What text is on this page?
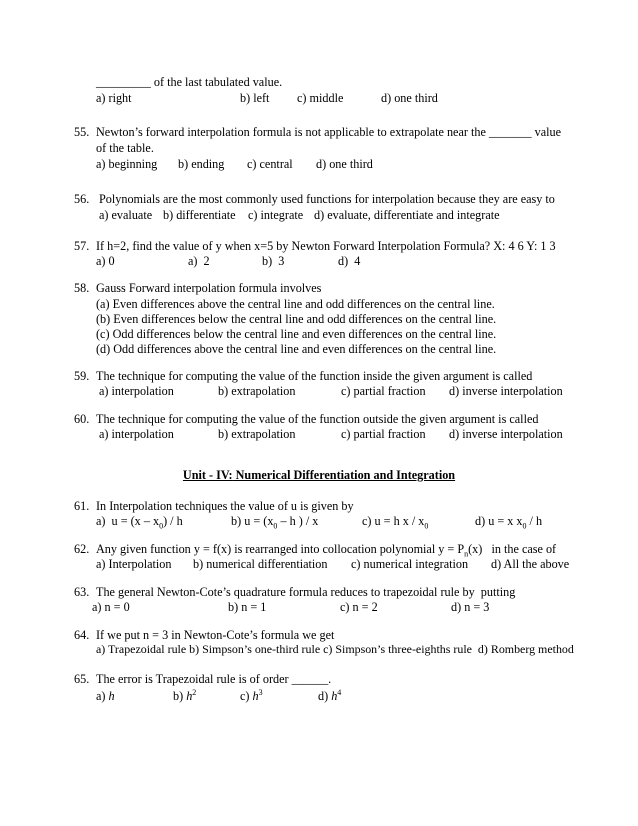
_________ of the last tabulated value.
a) right	b) left c) middle	d) one third
55. Newton’s forward interpolation formula is not applicable to extrapolate near the _______ value
of the table.
a) beginning b) ending c) central d) one third
56. Polynomials are the most commonly used functions for interpolation because they are easy to
a) evaluate b) differentiate c) integrate d) evaluate, differentiate and integrate
57. If h=2, find the value of y when x=5 by Newton Forward Interpolation Formula? X: 4 6 Y: 1 3
a) 0	a)  2	b)  3	d)  4
58. Gauss Forward interpolation formula involves
(a) Even differences above the central line and odd differences on the central line.
(b) Even differences below the central line and odd differences on the central line.
(c) Odd differences below the central line and even differences on the central line.
(d) Odd differences above the central line and even differences on the central line.
59. The technique for computing the value of the function inside the given argument is called
a) interpolation	b) extrapolation	c) partial fraction d) inverse interpolation
60. The technique for computing the value of the function outside the given argument is called
a) interpolation	b) extrapolation	c) partial fraction d) inverse interpolation
Unit - IV: Numerical Differentiation and Integration
61. In Interpolation techniques the value of u is given by
a)  $u = (x - x_0) / h$	b) $u = (x_0 - h$ ) / x	c) u = h x / $x_0$	d) u = x $x_0$ / h
62. Any given function y = f(x) is rearranged into collocation polynomial $y = P_n(x)$   in the case of
a) Interpolation b) numerical differentiation c) numerical integration d) All the above
63. The general Newton-Cote’s quadrature formula reduces to trapezoidal rule by  putting
a) n = 0	b) n = 1	c) n = 2	d) n = 3
64. If we put n = 3 in Newton-Cote’s formula we get
a) Trapezoidal rule b) Simpson’s one-third rule c) Simpson’s three-eighths rule  d) Romberg method
65. The error is Trapezoidal rule is of order ______.
a) h	b) $h^2$	c) $h^3$	d) $h^4$
